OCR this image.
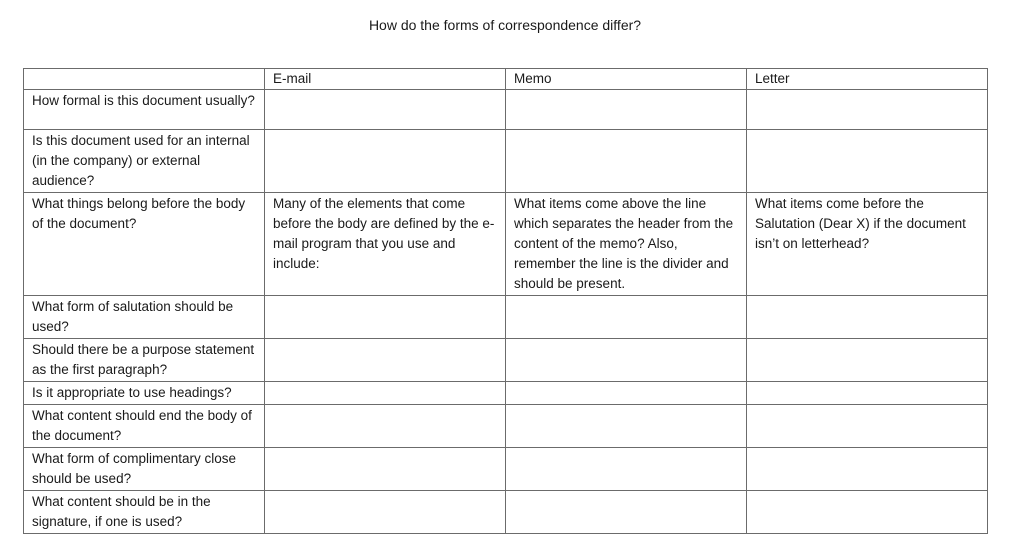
How do the forms of correspondence differ?
	E-mail	Memo	Letter
How formal is this document usually?			
Is this document used for an internal (in the company) or external audience?			
What things belong before the body of the document?	Many of the elements that come before the body are defined by the e-mail program that you use and include:	What items come above the line which separates the header from the content of the memo? Also, remember the line is the divider and should be present.	What items come before the Salutation (Dear X) if the document isn’t on letterhead?
What form of salutation should be used?			
Should there be a purpose statement as the first paragraph?			
Is it appropriate to use headings?			
What content should end the body of the document?			
What form of complimentary close should be used?			
What content should be in the signature, if one is used?			
